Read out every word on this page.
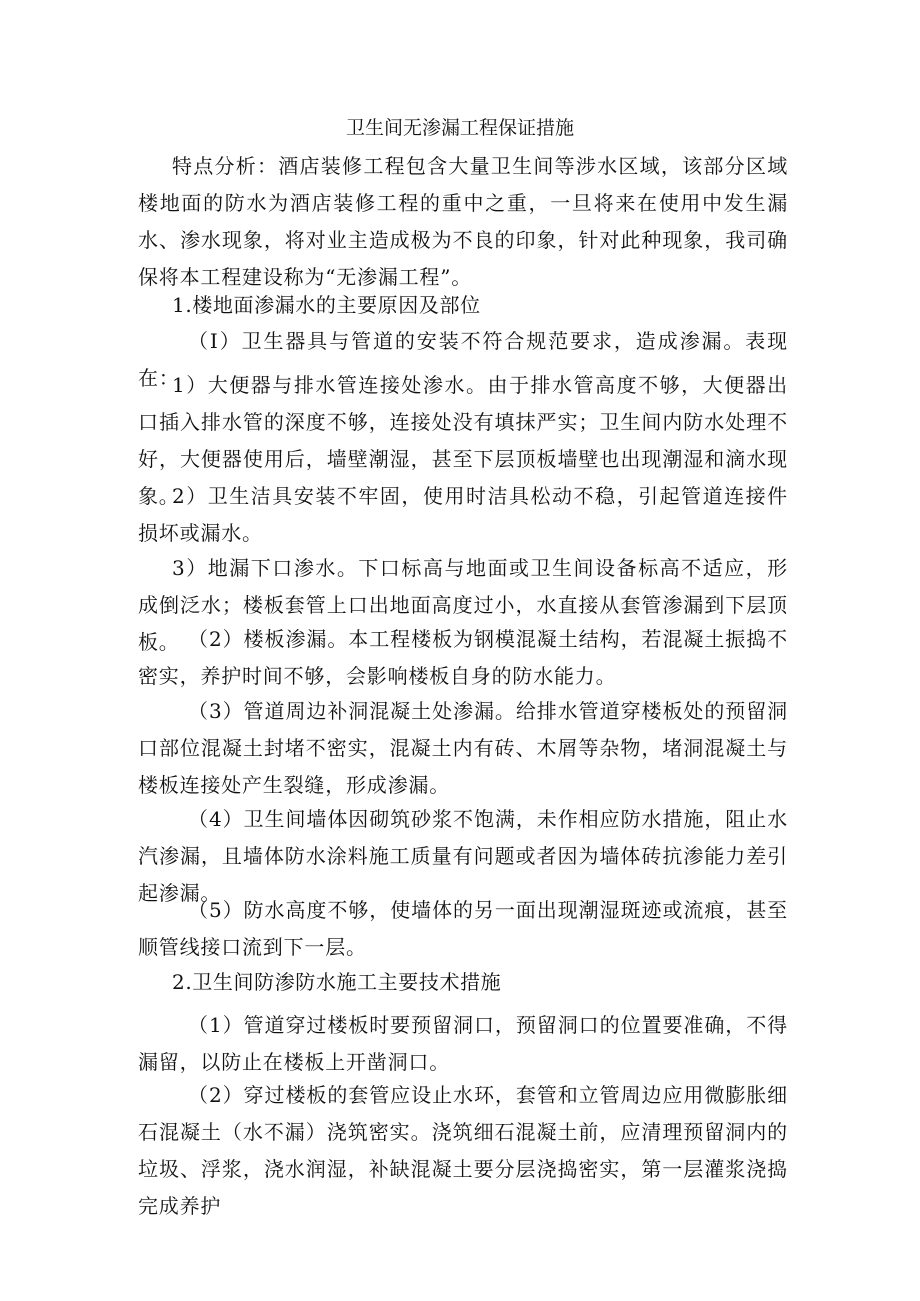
卫生间无渗漏工程保证措施

特点分析：酒店装修工程包含大量卫生间等涉水区域，该部分区域楼地面的防水为酒店装修工程的重中之重，一旦将来在使用中发生漏水、渗水现象，将对业主造成极为不良的印象，针对此种现象，我司确保将本工程建设称为“无渗漏工程”。

1.楼地面渗漏水的主要原因及部位

（I）卫生器具与管道的安装不符合规范要求，造成渗漏。表现在：

1）大便器与排水管连接处渗水。由于排水管高度不够，大便器出口插入排水管的深度不够，连接处没有填抹严实；卫生间内防水处理不好，大便器使用后，墙壁潮湿，甚至下层顶板墙壁也出现潮湿和滴水现象。

2）卫生洁具安装不牢固，使用时洁具松动不稳，引起管道连接件损坏或漏水。

3）地漏下口渗水。下口标高与地面或卫生间设备标高不适应，形成倒泛水；楼板套管上口出地面高度过小，水直接从套管渗漏到下层顶板。 （2）楼板渗漏。本工程楼板为钢模混凝土结构，若混凝土振捣不密实，养护时间不够，会影响楼板自身的防水能力。

（3）管道周边补洞混凝土处渗漏。给排水管道穿楼板处的预留洞口部位混凝土封堵不密实，混凝土内有砖、木屑等杂物，堵洞混凝土与楼板连接处产生裂缝，形成渗漏。

（4）卫生间墙体因砌筑砂浆不饱满，未作相应防水措施，阻止水汽渗漏，且墙体防水涂料施工质量有问题或者因为墙体砖抗渗能力差引起渗漏。

（5）防水高度不够，使墙体的另一面出现潮湿斑迹或流痕，甚至顺管线接口流到下一层。

2.卫生间防渗防水施工主要技术措施

（1）管道穿过楼板时要预留洞口，预留洞口的位置要准确，不得漏留，以防止在楼板上开凿洞口。

（2）穿过楼板的套管应设止水环，套管和立管周边应用微膨胀细石混凝土（水不漏）浇筑密实。浇筑细石混凝土前，应清理预留洞内的垃圾、浮浆，浇水润湿，补缺混凝土要分层浇捣密实，第一层灌浆浇捣完成养护
